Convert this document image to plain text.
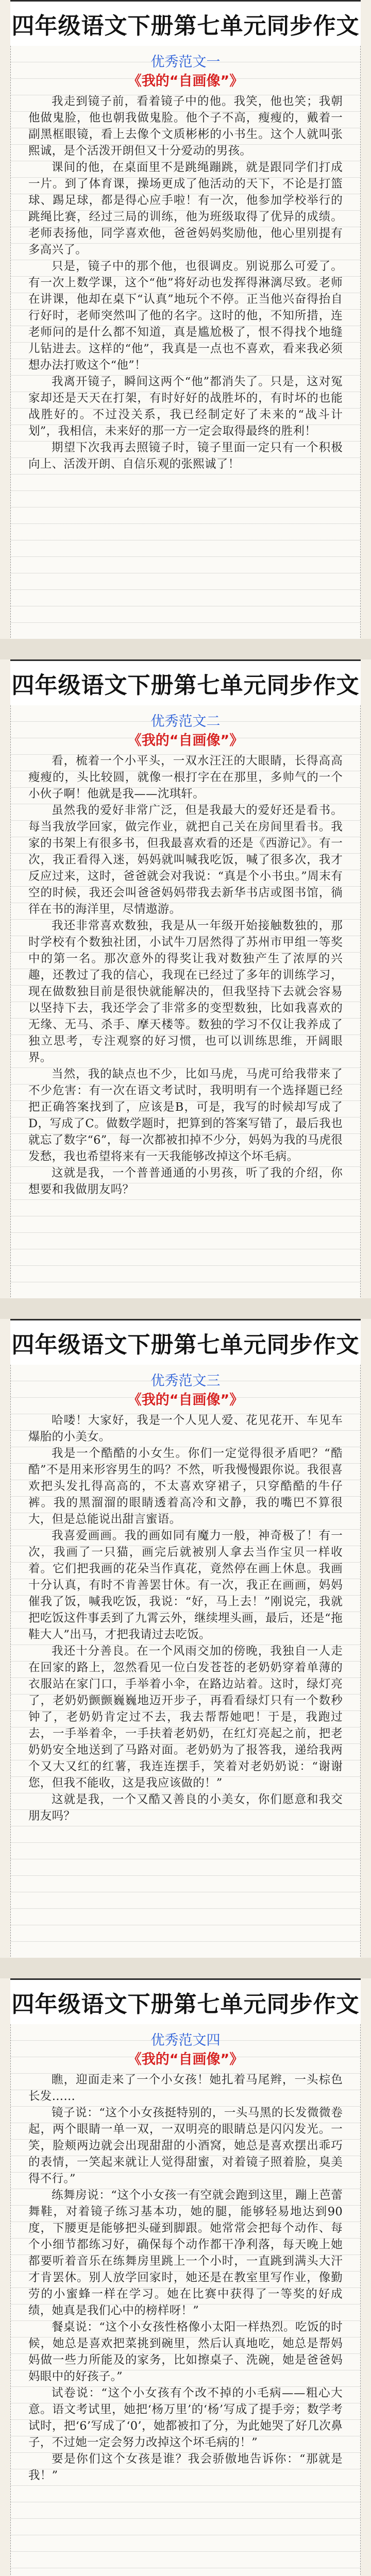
四年级语文下册第七单元同步作文
优秀范文一
《我的“自画像”》

我走到镜子前，看着镜子中的他。我笑，他也笑；我朝他做鬼脸，他也朝我做鬼脸。他个子不高，瘦瘦的，戴着一副黑框眼镜，看上去像个文质彬彬的小书生。这个人就叫张熙诚，是个活泼开朗但又十分爱动的男孩。

课间的他，在桌面里不是跳绳蹦跳，就是跟同学们打成一片。到了体育课，操场更成了他活动的天下，不论是打篮球、踢足球，都是得心应手啦！有一次，他参加学校举行的跳绳比赛，经过三局的训练，他为班级取得了优异的成绩。老师表扬他，同学喜欢他，爸爸妈妈奖励他，他心里别提有多高兴了。

只是，镜子中的那个他，也很调皮。别说那么可爱了。有一次上数学课，这个“他”将好动也发挥得淋漓尽致。老师在讲课，他却在桌下“认真”地玩个不停。正当他兴奋得抬自行好时，老师突然叫了他的名字。这时的他，不知所措，连老师问的是什么都不知道，真是尴尬极了，恨不得找个地缝儿钻进去。这样的“他”，我真是一点也不喜欢，看来我必须想办法打败这个“他”！

我离开镜子，瞬间这两个“他”都消失了。只是，这对冤家却还是天天在打架，有时好好的战胜坏的，有时坏的也能战胜好的。不过没关系，我已经制定好了未来的“战斗计划”，我相信，未来好的那一方一定会取得最终的胜利！

期望下次我再去照镜子时，镜子里面一定只有一个积极向上、活泼开朗、自信乐观的张熙诚了！

四年级语文下册第七单元同步作文
优秀范文二
《我的“自画像”》

看，梳着一个小平头，一双水汪汪的大眼睛，长得高高瘦瘦的，头比较圆，就像一根打字在在那里，多帅气的一个小伙子啊！他就是我——沈琪轩。

虽然我的爱好非常广泛，但是我最大的爱好还是看书。每当我放学回家，做完作业，就把自己关在房间里看书。我家的书架上有很多书，但我最喜欢看的还是《西游记》。有一次，我正看得入迷，妈妈就叫喊我吃饭，喊了很多次，我才反应过来，这时，爸爸就会对我说：“真是个小书虫。”周末有空的时候，我还会叫爸爸妈妈带我去新华书店或图书馆，徜徉在书的海洋里，尽情遨游。

我还非常喜欢数独，我是从一年级开始接触数独的，那时学校有个数独社团，小试牛刀居然得了苏州市甲组一等奖中的第一名。那次意外的得奖让我对数独产生了浓厚的兴趣，还教过了我的信心，我现在已经过了多年的训练学习，现在做数独目前是很快就能解决的，但我坚持下去就会容易以坚持下去，我还学会了非常多的变型数独，比如我喜欢的无缘、无马、杀手、摩天楼等。数独的学习不仅让我养成了独立思考，专注观察的好习惯，也可以训练思维，开阔眼界。

当然，我的缺点也不少，比如马虎，马虎可给我带来了不少危害：有一次在语文考试时，我明明有一个选择题已经把正确答案找到了，应该是B，可是，我写的时候却写成了D，写成了C。做数学题时，把算到的答案写错了，最后我也就忘了数字“6”，每一次都被扣掉不少分，妈妈为我的马虎很发愁，我也希望将来有一天我能够改掉这个坏毛病。

这就是我，一个普普通通的小男孩，听了我的介绍，你想要和我做朋友吗？

四年级语文下册第七单元同步作文
优秀范文三
《我的“自画像”》

哈喽！大家好，我是一个人见人爱、花见花开、车见车爆胎的小美女。

我是一个酷酷的小女生。你们一定觉得很矛盾吧？“酷酷”不是用来形容男生的吗？不然，听我慢慢跟你说。我很喜欢把头发扎得高高的，不太喜欢穿裙子，只穿酷酷的牛仔裤。我的黑溜溜的眼睛透着高冷和文静，我的嘴巴不算很大，但是总能说出甜言蜜语。

我喜爱画画。我的画如同有魔力一般，神奇极了！有一次，我画了一只猫，画完后就被别人拿去当作宝贝一样收着。它们把我画的花朵当作真花，竟然停在画上休息。我画十分认真，有时不肯善罢甘休。有一次，我正在画画，妈妈催我了饭，喊我吃饭，我说：“好，马上去！”刚说完，我就把吃饭这件事丢到了九霄云外，继续埋头画，最后，还是“拖鞋大人”出马，才把我请过去吃饭。

我还十分善良。在一个风雨交加的傍晚，我独自一人走在回家的路上，忽然看见一位白发苍苍的老奶奶穿着单薄的衣服站在家门口，手举着小伞，在路边站着。这时，绿灯亮了，老奶奶颤颤巍巍地迈开步子，再看看绿灯只有一个数秒钟了，老奶奶肯定过不去，我去帮帮她吧！于是，我跑过去，一手举着伞，一手扶着老奶奶，在红灯亮起之前，把老奶奶安全地送到了马路对面。老奶奶为了报答我，递给我两个又大又红的红薯，我连连摆手，笑着对老奶奶说：“谢谢您，但我不能收，这是我应该做的！”

这就是我，一个又酷又善良的小美女，你们愿意和我交朋友吗？

四年级语文下册第七单元同步作文
优秀范文四
《我的“自画像”》

瞧，迎面走来了一个小女孩！她扎着马尾辫，一头棕色长发……

镜子说：“这个小女孩挺特别的，一头马黑的长发微微卷起，两个眼睛一单一双，一双明亮的眼睛总是闪闪发光。一笑，脸颊两边就会出现甜甜的小酒窝，她总是喜欢摆出乖巧的表情，一笑起来就让人觉得甜蜜，对着镜子照着脸，臭美得不行。”

练舞房说：“这个小女孩一有空就会跑到这里，蹦上芭蕾舞鞋，对着镜子练习基本功，她的腿，能够轻易地达到90度，下腰更是能够把头碰到脚跟。她常常会把每个动作、每个小细节都练习好，确保每个动作都干净利落，每天晚上她都要听着音乐在练舞房里跳上一个小时，一直跳到满头大汗才肯罢休。别人放学回家时，她还是在教室里写作业，像勤劳的小蜜蜂一样在学习。她在比赛中获得了一等奖的好成绩，她真是我们心中的榜样呀！”

餐桌说：“这个小女孩性格像小太阳一样热烈。吃饭的时候，她总是喜欢把菜挑到碗里，然后认真地吃，她总是帮妈妈做一些力所能及的家务，比如擦桌子、洗碗，她是爸爸妈妈眼中的好孩子。”

试卷说：“这个小女孩有个改不掉的小毛病——粗心大意。语文考试里，她把‘杨万里’的‘杨’写成了提手旁；数学考试时，把‘6’写成了‘0’，她都被扣了分，为此她哭了好几次鼻子，不过她一定会努力改掉这个坏毛病的！”

要是你们这个女孩是谁？我会骄傲地告诉你：“那就是我！”
